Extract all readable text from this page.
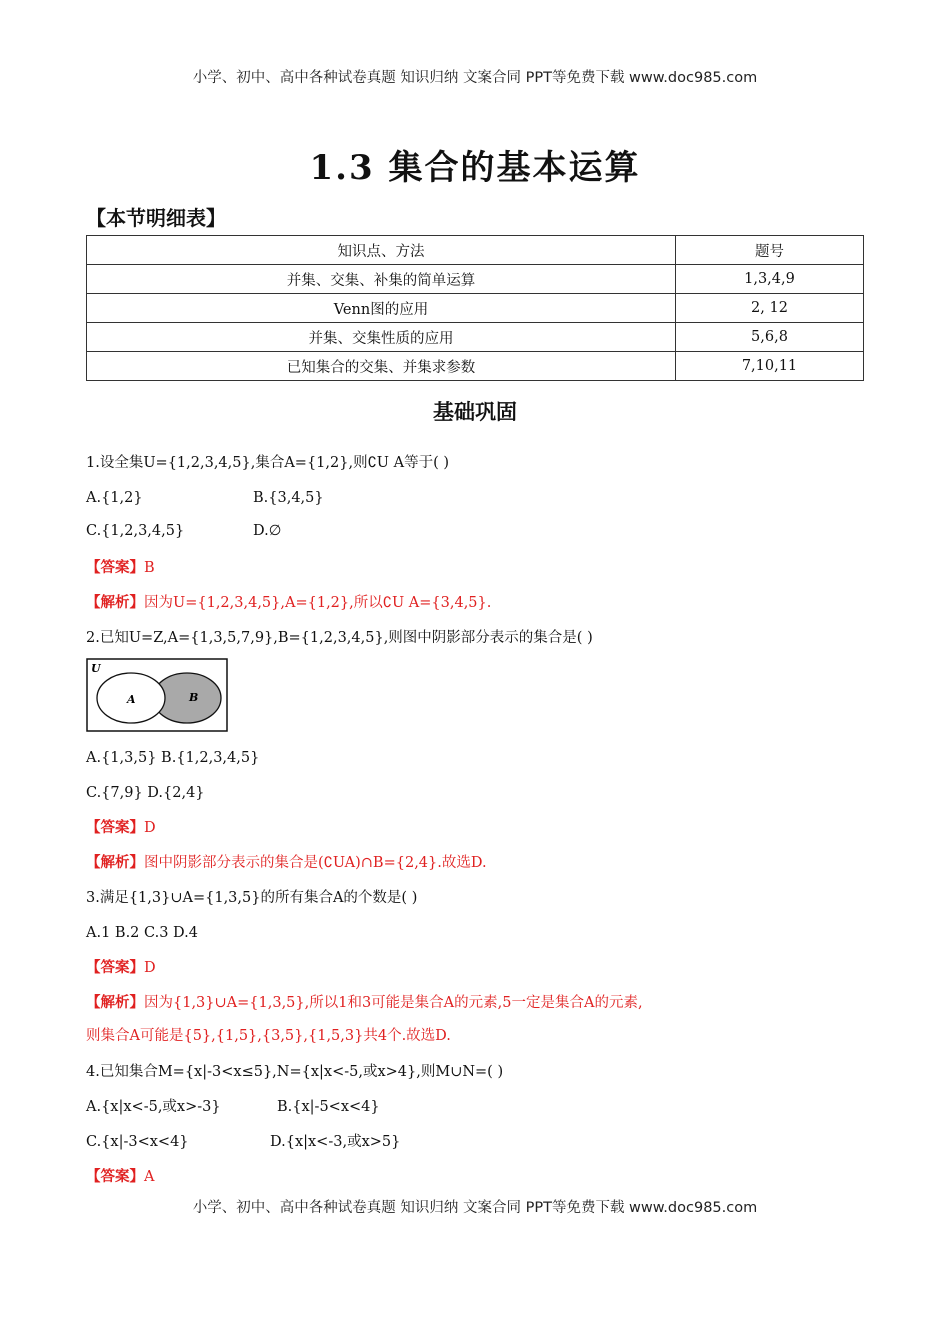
小学、初中、高中各种试卷真题 知识归纳 文案合同 PPT等免费下载 www.doc985.com
1.3 集合的基本运算
【本节明细表】
知识点、方法	题号
并集、交集、补集的简单运算	1,3,4,9
Venn图的应用	2, 12
并集、交集性质的应用	5,6,8
已知集合的交集、并集求参数	7,10,11
基础巩固
1.设全集U={1,2,3,4,5},集合A={1,2},则∁U A等于( )
A.{1,2}	B.{3,4,5}
C.{1,2,3,4,5}	D.∅
【答案】B
【解析】因为U={1,2,3,4,5},A={1,2},所以∁U A={3,4,5}.
2.已知U=Z,A={1,3,5,7,9},B={1,2,3,4,5},则图中阴影部分表示的集合是( )
U
A	B
A.{1,3,5} B.{1,2,3,4,5}
C.{7,9} D.{2,4}
【答案】D
【解析】图中阴影部分表示的集合是(∁UA)∩B={2,4}.故选D.
3.满足{1,3}∪A={1,3,5}的所有集合A的个数是( )
A.1 B.2 C.3 D.4
【答案】D
【解析】因为{1,3}∪A={1,3,5},所以1和3可能是集合A的元素,5一定是集合A的元素,
则集合A可能是{5},{1,5},{3,5},{1,5,3}共4个.故选D.
4.已知集合M={x|-3<x≤5},N={x|x<-5,或x>4},则M∪N=( )
A.{x|x<-5,或x>-3}	B.{x|-5<x<4}
C.{x|-3<x<4}	D.{x|x<-3,或x>5}
【答案】A
小学、初中、高中各种试卷真题 知识归纳 文案合同 PPT等免费下载 www.doc985.com
